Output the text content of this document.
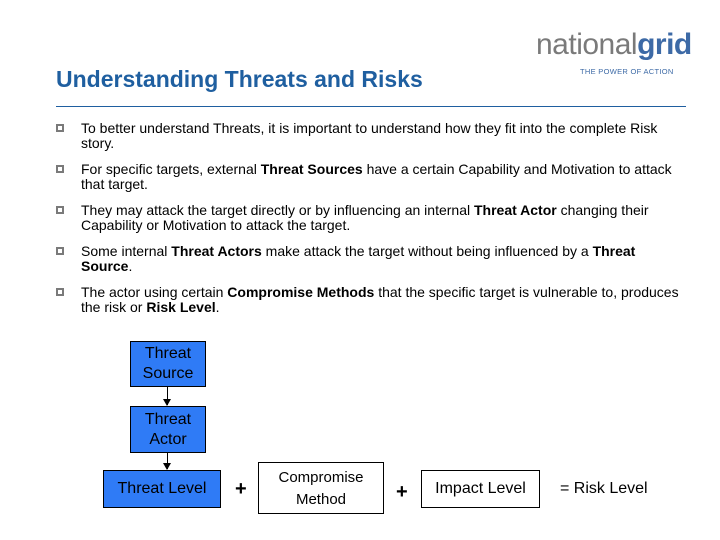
nationalgrid
THE POWER OF ACTION
Understanding Threats and Risks
To better understand Threats, it is important to understand how they fit into the complete Risk story.
For specific targets, external Threat Sources have a certain Capability and Motivation to attack that target.
They may attack the target directly or by influencing an internal Threat Actor changing their Capability or Motivation to attack the target.
Some internal Threat Actors make attack the target without being influenced by a Threat Source.
The actor using certain Compromise Methods that the specific target is vulnerable to, produces the risk or Risk Level.
Threat Source
Threat Actor
Threat Level	+
Compromise Method	+	Impact Level	= Risk Level
